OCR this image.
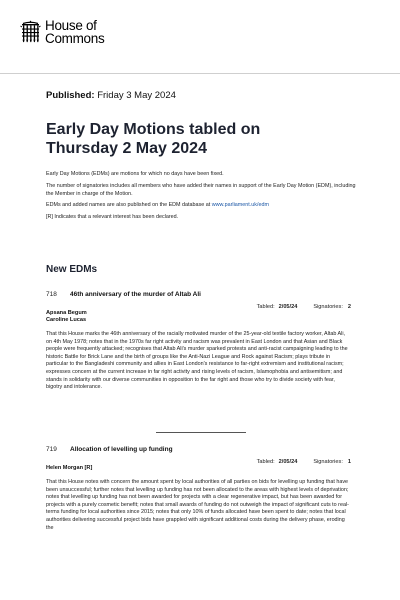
House of
Commons
Published: Friday 3 May 2024
Early Day Motions tabled on
Thursday 2 May 2024

Early Day Motions (EDMs) are motions for which no days have been fixed.

The number of signatories includes all members who have added their names in support of the Early Day Motion (EDM), including the Member in charge of the Motion.

EDMs and added names are also published on the EDM database at www.parliament.uk/edm

[R] Indicates that a relevant interest has been declared.

New EDMs
718	46th anniversary of the murder of Altab Ali
Tabled: 2/05/24	Signatories: 2
Apsana Begum
Caroline Lucas

That this House marks the 46th anniversary of the racially motivated murder of the 25-year-old textile factory worker, Altab Ali, on 4th May 1978; notes that in the 1970s far right activity and racism was prevalent in East London and that Asian and Black people were frequently attacked; recognises that Altab Ali's murder sparked protests and anti-racist campaigning leading to the historic Battle for Brick Lane and the birth of groups like the Anti-Nazi League and Rock against Racism; plays tribute in particular to the Bangladeshi community and allies in East London's resistance to far-right extremism and institutional racism; expresses concern at the current increase in far right activity and rising levels of racism, Islamophobia and antisemitism; and stands in solidarity with our diverse communities in opposition to the far right and those who try to divide society with fear, bigotry and intolerance.

719	Allocation of levelling up funding
Tabled: 2/05/24	Signatories: 1
Helen Morgan [R]

That this House notes with concern the amount spent by local authorities of all parties on bids for levelling up funding that have been unsuccessful; further notes that levelling up funding has not been allocated to the areas with highest levels of deprivation; notes that levelling up funding has not been awarded for projects with a clear regenerative impact, but has been awarded for projects with a purely cosmetic benefit; notes that small awards of funding do not outweigh the impact of significant cuts to real-terms funding for local authorities since 2015; notes that only 10% of funds allocated have been spent to date; notes that local authorities delivering successful project bids have grappled with significant additional costs during the delivery phase, eroding the
